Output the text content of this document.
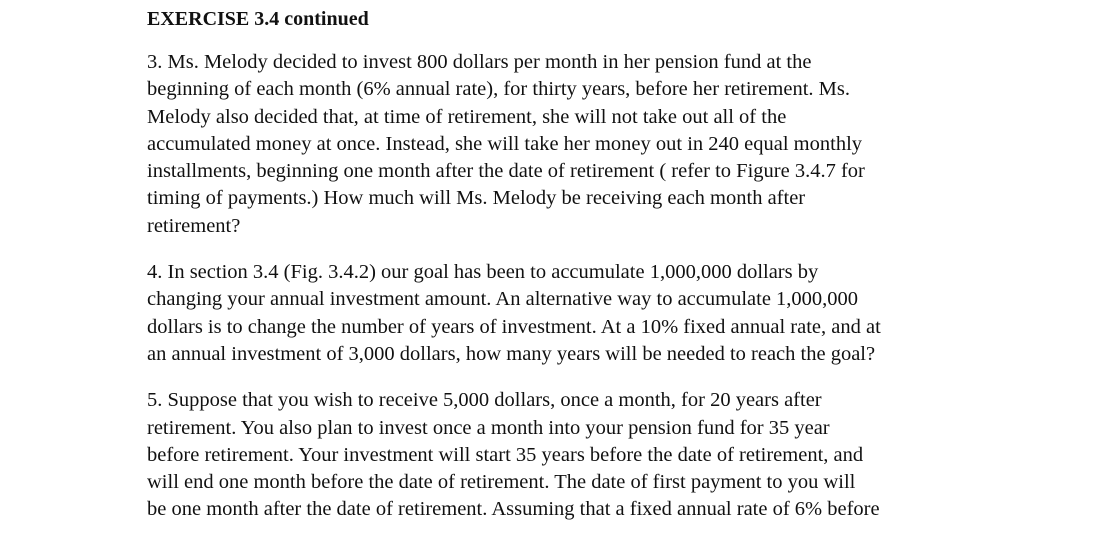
EXERCISE 3.4 continued

3. Ms. Melody decided to invest 800 dollars per month in her pension fund at the
beginning of each month (6% annual rate), for thirty years, before her retirement. Ms.
Melody also decided that, at time of retirement, she will not take out all of the
accumulated money at once. Instead, she will take her money out in 240 equal monthly
installments, beginning one month after the date of retirement ( refer to Figure 3.4.7 for
timing of payments.) How much will Ms. Melody be receiving each month after
retirement?

4. In section 3.4 (Fig. 3.4.2) our goal has been to accumulate 1,000,000 dollars by
changing your annual investment amount. An alternative way to accumulate 1,000,000
dollars is to change the number of years of investment. At a 10% fixed annual rate, and at
an annual investment of 3,000 dollars, how many years will be needed to reach the goal?

5. Suppose that you wish to receive 5,000 dollars, once a month, for 20 years after
retirement. You also plan to invest once a month into your pension fund for 35 year
before retirement. Your investment will start 35 years before the date of retirement, and
will end one month before the date of retirement. The date of first payment to you will
be one month after the date of retirement. Assuming that a fixed annual rate of 6% before
